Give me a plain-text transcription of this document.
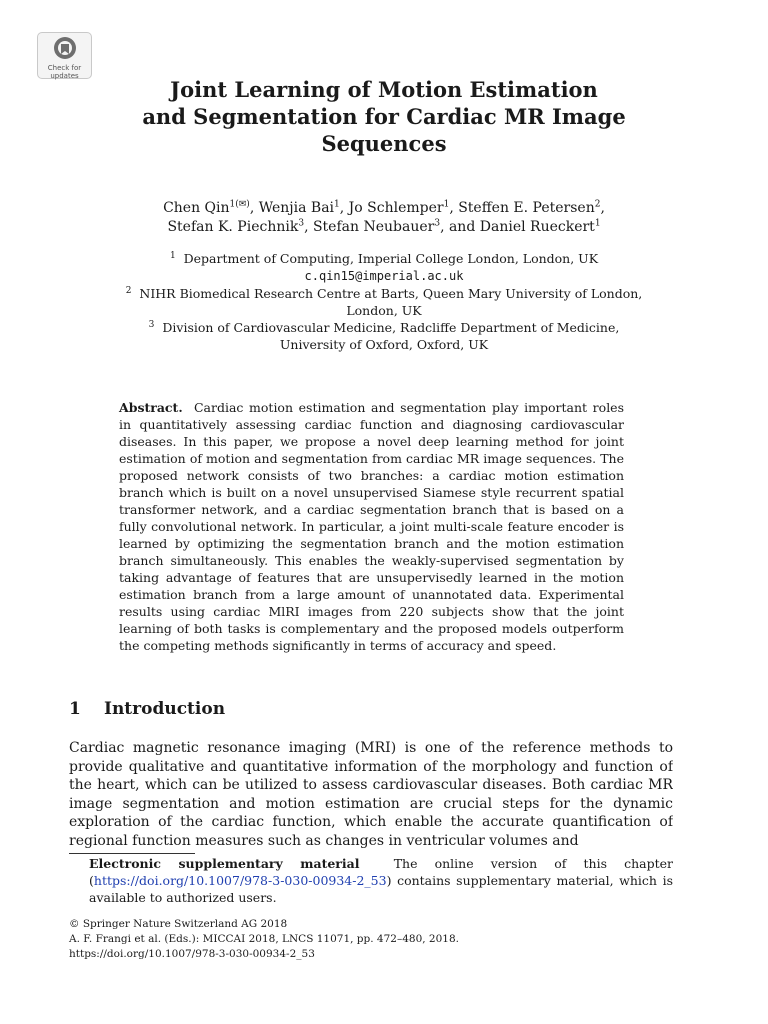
Check for
updates
Joint Learning of Motion Estimation
and Segmentation for Cardiac MR Image
Sequences
Chen Qin$^{1(✉)}$, Wenjia Bai$^1$, Jo Schlemper$^1$, Steffen E. Petersen$^2$,
Stefan K. Piechnik$^3$, Stefan Neubauer$^3$, and Daniel Rueckert$^1$
$^1$ Department of Computing, Imperial College London, London, UK
c.qin15@imperial.ac.uk
$^2$ NIHR Biomedical Research Centre at Barts, Queen Mary University of London,
London, UK
$^3$ Division of Cardiovascular Medicine, Radcliffe Department of Medicine,
University of Oxford, Oxford, UK
Abstract. Cardiac motion estimation and segmentation play important roles in quantitatively assessing cardiac function and diagnosing cardiovascular diseases. In this paper, we propose a novel deep learning method for joint estimation of motion and segmentation from cardiac MR image sequences. The proposed network consists of two branches: a cardiac motion estimation branch which is built on a novel unsupervised Siamese style recurrent spatial transformer network, and a cardiac segmentation branch that is based on a fully convolutional network. In particular, a joint multi-scale feature encoder is learned by optimizing the segmentation branch and the motion estimation branch simultaneously. This enables the weakly-supervised segmentation by taking advantage of features that are unsupervisedly learned in the motion estimation branch from a large amount of unannotated data. Experimental results using cardiac MlRI images from 220 subjects show that the joint learning of both tasks is complementary and the proposed models outperform the competing methods significantly in terms of accuracy and speed.
1 Introduction
Cardiac magnetic resonance imaging (MRI) is one of the reference methods to provide qualitative and quantitative information of the morphology and function of the heart, which can be utilized to assess cardiovascular diseases. Both cardiac MR image segmentation and motion estimation are crucial steps for the dynamic exploration of the cardiac function, which enable the accurate quantification of regional function measures such as changes in ventricular volumes and
Electronic supplementary material	The online version of this chapter (https://doi.org/10.1007/978-3-030-00934-2_53) contains supplementary material, which is available to authorized users.
© Springer Nature Switzerland AG 2018
A. F. Frangi et al. (Eds.): MICCAI 2018, LNCS 11071, pp. 472–480, 2018.
https://doi.org/10.1007/978-3-030-00934-2_53
